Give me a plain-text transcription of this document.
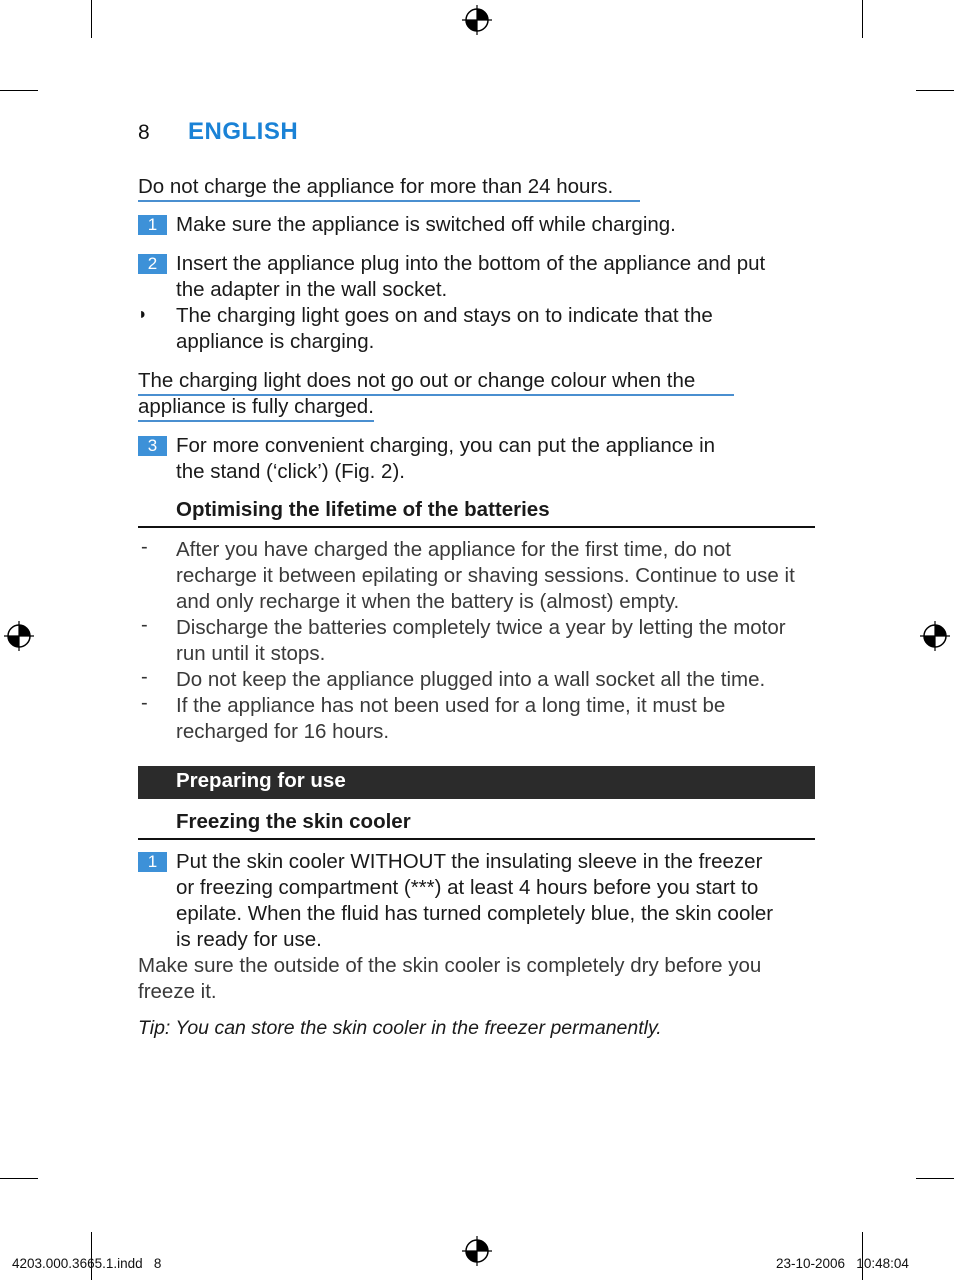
8 ENGLISH
Do not charge the appliance for more than 24 hours.
1 Make sure the appliance is switched off while charging.
2 Insert the appliance plug into the bottom of the appliance and put
the adapter in the wall socket.
◗ The charging light goes on and stays on to indicate that the
appliance is charging.
The charging light does not go out or change colour when the
appliance is fully charged.
3 For more convenient charging, you can put the appliance in
the stand (‘click’) (Fig. 2).
Optimising the lifetime of the batteries
- After you have charged the appliance for the first time, do not
recharge it between epilating or shaving sessions. Continue to use it
and only recharge it when the battery is (almost) empty.
- Discharge the batteries completely twice a year by letting the motor
run until it stops.
- Do not keep the appliance plugged into a wall socket all the time.
- If the appliance has not been used for a long time, it must be
recharged for 16 hours.
Preparing for use
Freezing the skin cooler
1 Put the skin cooler WITHOUT the insulating sleeve in the freezer
or freezing compartment (***) at least 4 hours before you start to
epilate. When the fluid has turned completely blue, the skin cooler
is ready for use.
Make sure the outside of the skin cooler is completely dry before you
freeze it.
Tip: You can store the skin cooler in the freezer permanently.
4203.000.3665.1.indd   8	23-10-2006   10:48:04
